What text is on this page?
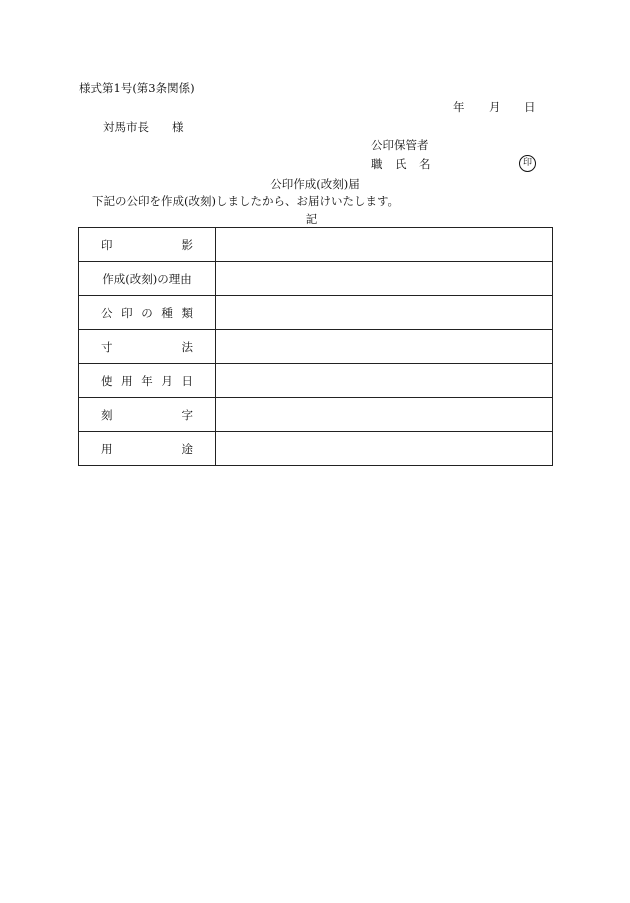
様式第1号(第3条関係)
年 月 日
対馬市長　　様
公印保管者
職 氏 名	印
公印作成(改刻)届
下記の公印を作成(改刻)しましたから、お届けいたします。
記
印 影	

作成(改刻)の理由	

公 印 の 種 類	

寸 法	

使 用 年 月 日	

刻 字	

用 途	
